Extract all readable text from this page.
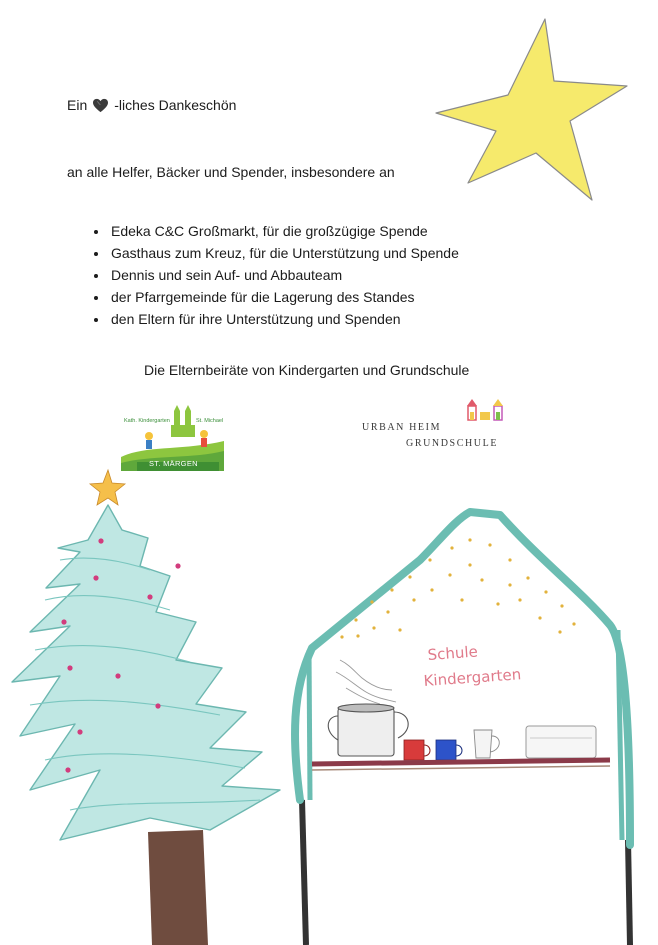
Ein -liches Dankeschön
an alle Helfer, Bäcker und Spender, insbesondere an
• Edeka C&C Großmarkt, für die großzügige Spende
• Gasthaus zum Kreuz, für die Unterstützung und Spende
• Dennis und sein Auf- und Abbauteam
• der Pfarrgemeinde für die Lagerung des Standes
• den Eltern für ihre Unterstützung und Spenden
Die Elternbeiräte von Kindergarten und Grundschule
Kath. Kindergarten	St. Michael
ST. MÄRGEN
URBAN HEIM
GRUNDSCHULE
Schule
Kindergarten
